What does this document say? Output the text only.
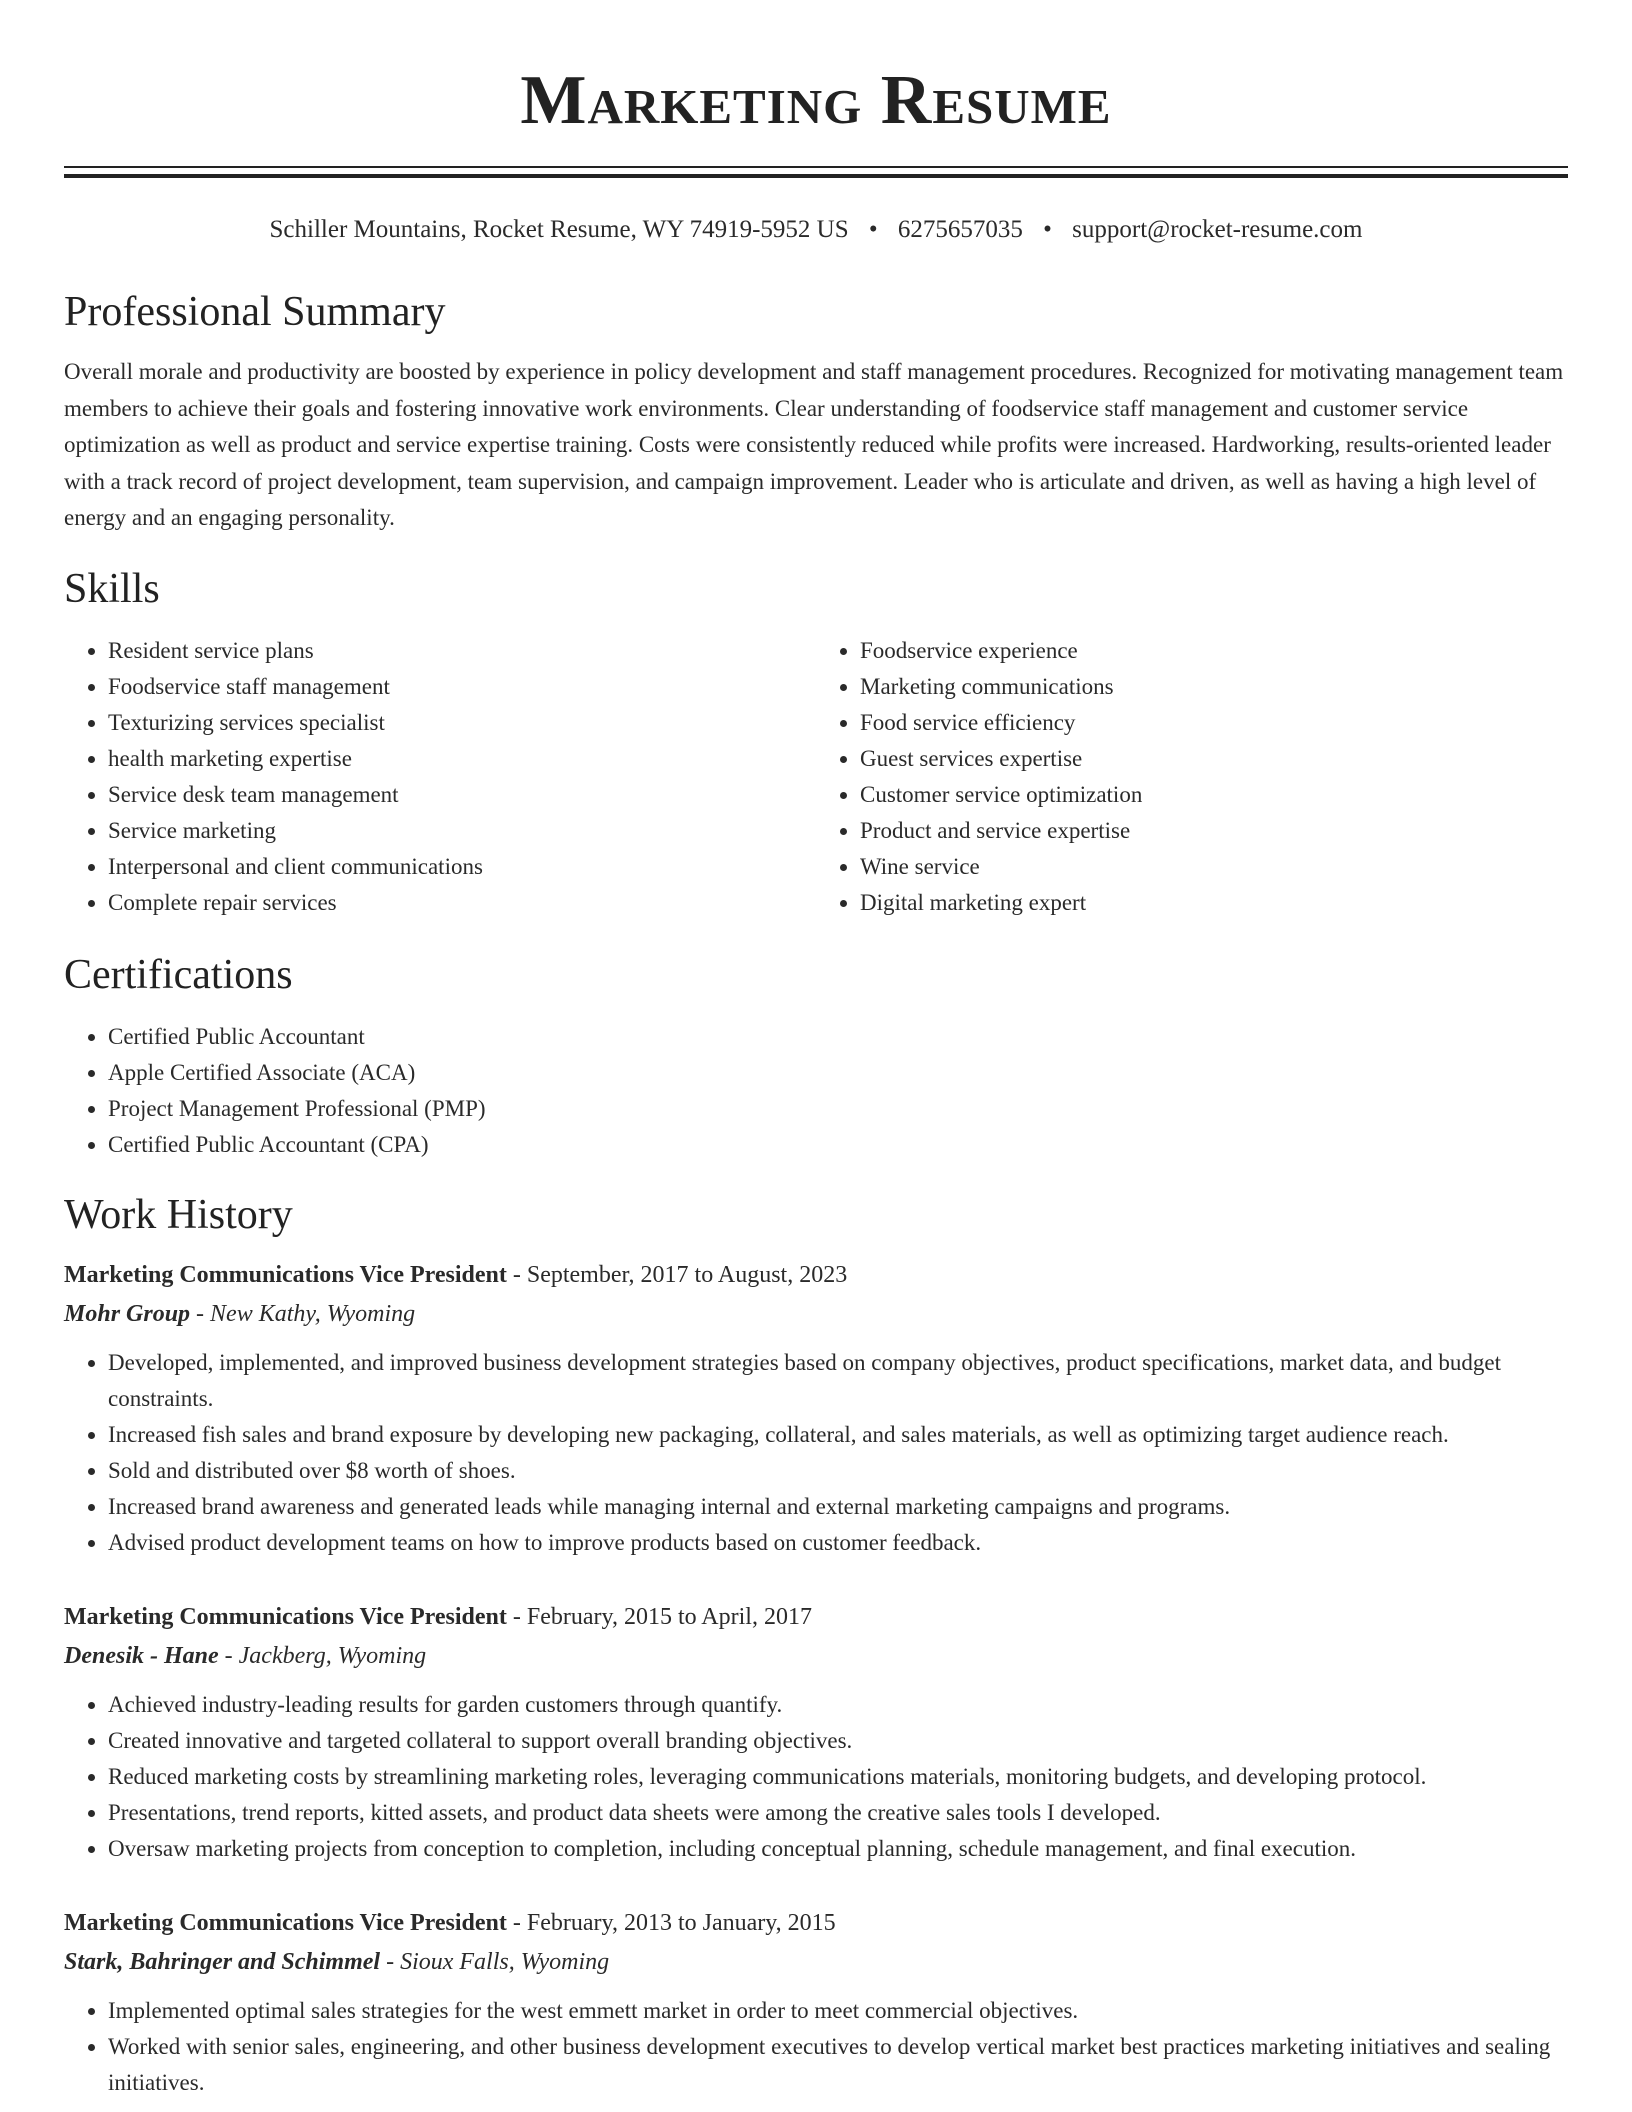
Marketing Resume
Schiller Mountains, Rocket Resume, WY 74919-5952 US • 6275657035 • support@rocket-resume.com
Professional Summary

Overall morale and productivity are boosted by experience in policy development and staff management procedures. Recognized for motivating management team members to achieve their goals and fostering innovative work environments. Clear understanding of foodservice staff management and customer service optimization as well as product and service expertise training. Costs were consistently reduced while profits were increased. Hardworking, results-oriented leader with a track record of project development, team supervision, and campaign improvement. Leader who is articulate and driven, as well as having a high level of energy and an engaging personality.

Skills
• Resident service plans
• Foodservice staff management
• Texturizing services specialist
• health marketing expertise
• Service desk team management
• Service marketing
• Interpersonal and client communications
• Complete repair services
• Foodservice experience
• Marketing communications
• Food service efficiency
• Guest services expertise
• Customer service optimization
• Product and service expertise
• Wine service
• Digital marketing expert
Certifications
• Certified Public Accountant
• Apple Certified Associate (ACA)
• Project Management Professional (PMP)
• Certified Public Accountant (CPA)
Work History
Marketing Communications Vice President - September, 2017 to August, 2023
Mohr Group - New Kathy, Wyoming
• Developed, implemented, and improved business development strategies based on company objectives, product specifications, market data, and budget constraints.
• Increased fish sales and brand exposure by developing new packaging, collateral, and sales materials, as well as optimizing target audience reach.
• Sold and distributed over $8 worth of shoes.
• Increased brand awareness and generated leads while managing internal and external marketing campaigns and programs.
• Advised product development teams on how to improve products based on customer feedback.
Marketing Communications Vice President - February, 2015 to April, 2017
Denesik - Hane - Jackberg, Wyoming
• Achieved industry-leading results for garden customers through quantify.
• Created innovative and targeted collateral to support overall branding objectives.
• Reduced marketing costs by streamlining marketing roles, leveraging communications materials, monitoring budgets, and developing protocol.
• Presentations, trend reports, kitted assets, and product data sheets were among the creative sales tools I developed.
• Oversaw marketing projects from conception to completion, including conceptual planning, schedule management, and final execution.
Marketing Communications Vice President - February, 2013 to January, 2015
Stark, Bahringer and Schimmel - Sioux Falls, Wyoming
• Implemented optimal sales strategies for the west emmett market in order to meet commercial objectives.
• Worked with senior sales, engineering, and other business development executives to develop vertical market best practices marketing initiatives and sealing initiatives.
